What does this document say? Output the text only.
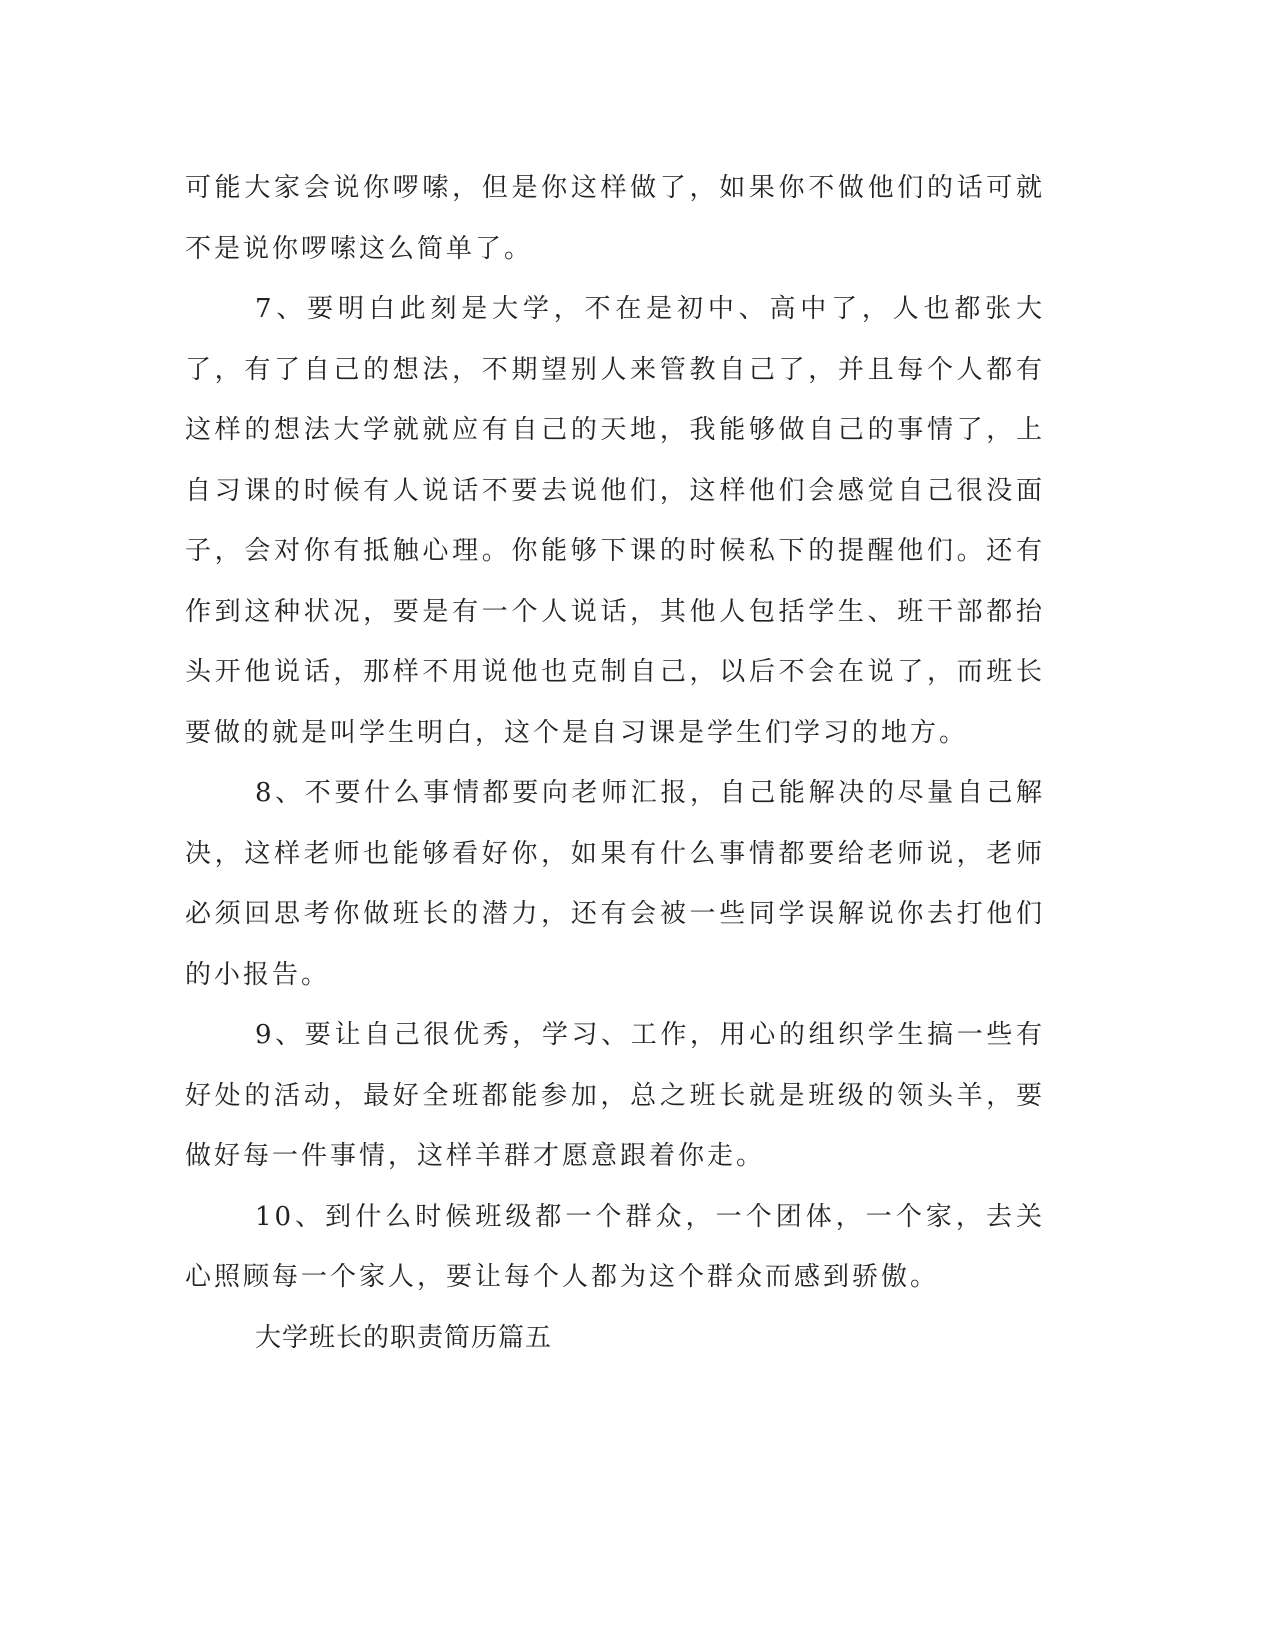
可能大家会说你啰嗦，但是你这样做了，如果你不做他们的话可就不是说你啰嗦这么简单了。

7、要明白此刻是大学，不在是初中、高中了，人也都张大了，有了自己的想法，不期望别人来管教自己了，并且每个人都有这样的想法大学就就应有自己的天地，我能够做自己的事情了，上自习课的时候有人说话不要去说他们，这样他们会感觉自己很没面子，会对你有抵触心理。你能够下课的时候私下的提醒他们。还有作到这种状况，要是有一个人说话，其他人包括学生、班干部都抬头开他说话，那样不用说他也克制自己，以后不会在说了，而班长要做的就是叫学生明白，这个是自习课是学生们学习的地方。

8、不要什么事情都要向老师汇报，自己能解决的尽量自己解决，这样老师也能够看好你，如果有什么事情都要给老师说，老师必须回思考你做班长的潜力，还有会被一些同学误解说你去打他们的小报告。

9、要让自己很优秀，学习、工作，用心的组织学生搞一些有好处的活动，最好全班都能参加，总之班长就是班级的领头羊，要做好每一件事情，这样羊群才愿意跟着你走。

10、到什么时候班级都一个群众，一个团体，一个家，去关心照顾每一个家人，要让每个人都为这个群众而感到骄傲。

大学班长的职责简历篇五
